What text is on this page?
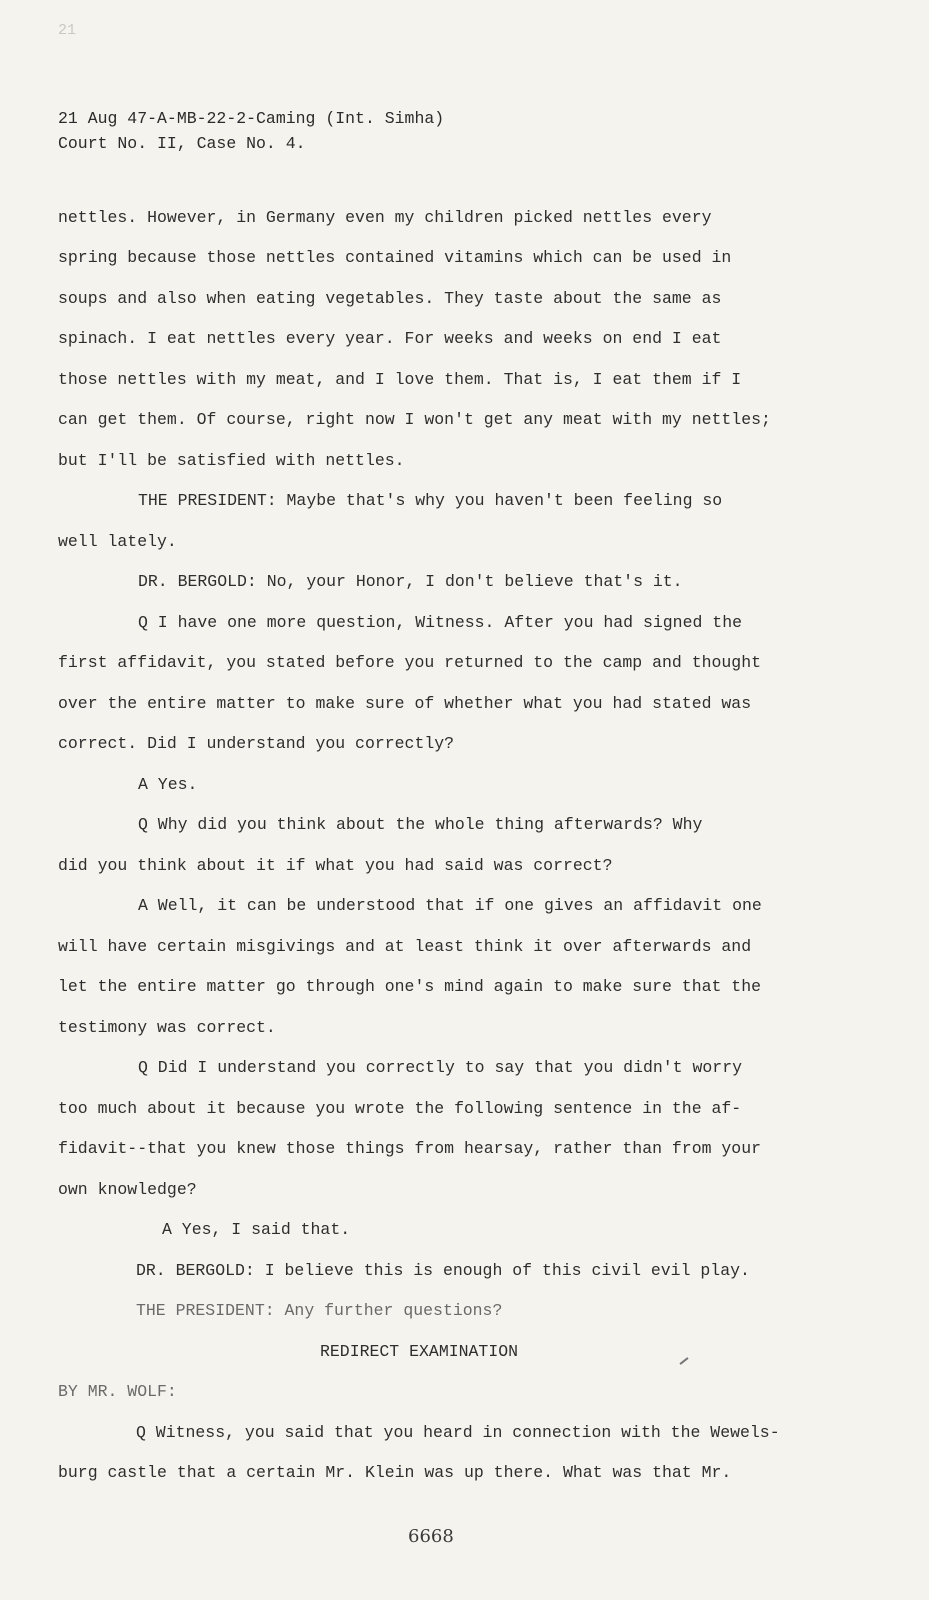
21
21 Aug 47-A-MB-22-2-Caming (Int. Simha)
Court No. II, Case No. 4.
nettles. However, in Germany even my children picked nettles every
spring because those nettles contained vitamins which can be used in
soups and also when eating vegetables. They taste about the same as
spinach. I eat nettles every year. For weeks and weeks on end I eat
those nettles with my meat, and I love them. That is, I eat them if I
can get them. Of course, right now I won't get any meat with my nettles;
but I'll be satisfied with nettles.
THE PRESIDENT: Maybe that's why you haven't been feeling so
well lately.
DR. BERGOLD: No, your Honor, I don't believe that's it.
Q I have one more question, Witness. After you had signed the
first affidavit, you stated before you returned to the camp and thought
over the entire matter to make sure of whether what you had stated was
correct. Did I understand you correctly?
A Yes.
Q Why did you think about the whole thing afterwards? Why
did you think about it if what you had said was correct?
A Well, it can be understood that if one gives an affidavit one
will have certain misgivings and at least think it over afterwards and
let the entire matter go through one's mind again to make sure that the
testimony was correct.
Q Did I understand you correctly to say that you didn't worry
too much about it because you wrote the following sentence in the af-
fidavit--that you knew those things from hearsay, rather than from your
own knowledge?
A Yes, I said that.
DR. BERGOLD: I believe this is enough of this civil evil play.
THE PRESIDENT: Any further questions?
REDIRECT EXAMINATION
BY MR. WOLF:
Q Witness, you said that you heard in connection with the Wewels-
burg castle that a certain Mr. Klein was up there. What was that Mr.
6668
